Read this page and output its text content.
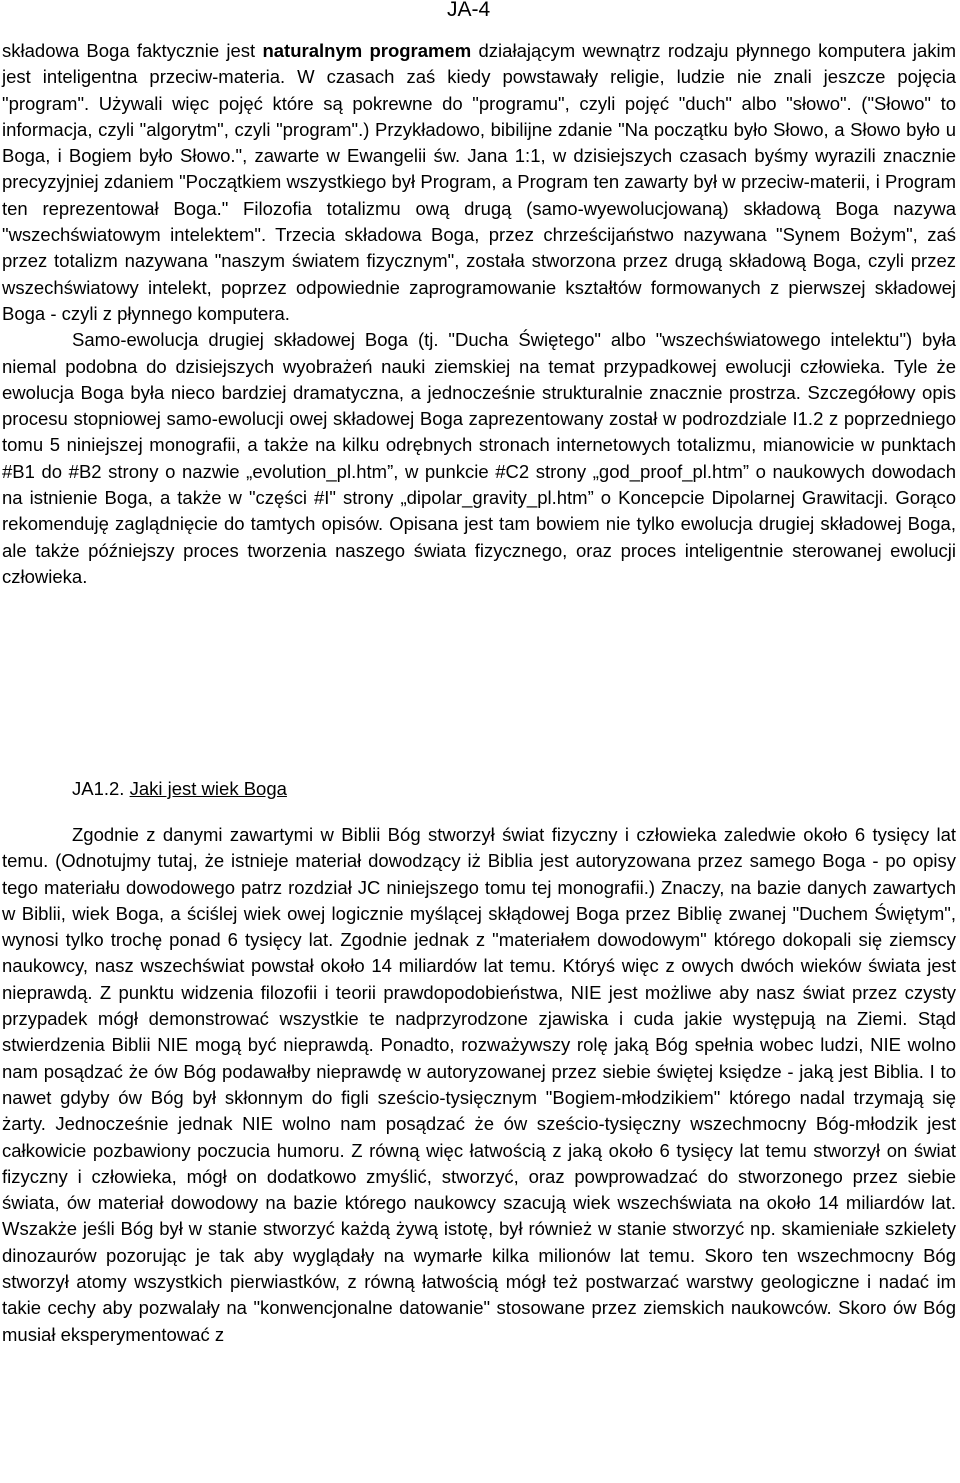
JA-4

składowa Boga faktycznie jest naturalnym programem działającym wewnątrz rodzaju płynnego komputera jakim jest inteligentna przeciw-materia. W czasach zaś kiedy powstawały religie, ludzie nie znali jeszcze pojęcia "program". Używali więc pojęć które są pokrewne do "programu", czyli pojęć "duch" albo "słowo". ("Słowo" to informacja, czyli "algorytm", czyli "program".) Przykładowo, bibilijne zdanie "Na początku było Słowo, a Słowo było u Boga, i Bogiem było Słowo.", zawarte w Ewangelii św. Jana 1:1, w dzisiejszych czasach byśmy wyrazili znacznie precyzyjniej zdaniem "Początkiem wszystkiego był Program, a Program ten zawarty był w przeciw-materii, i Program ten reprezentował Boga." Filozofia totalizmu ową drugą (samo-wyewolucjowaną) składową Boga nazywa "wszechświatowym intelektem". Trzecia składowa Boga, przez chrześcijaństwo nazywana "Synem Bożym", zaś przez totalizm nazywana "naszym światem fizycznym", została stworzona przez drugą składową Boga, czyli przez wszechświatowy intelekt, poprzez odpowiednie zaprogramowanie kształtów formowanych z pierwszej składowej Boga - czyli z płynnego komputera.

Samo-ewolucja drugiej składowej Boga (tj. "Ducha Świętego" albo "wszechświatowego intelektu") była niemal podobna do dzisiejszych wyobrażeń nauki ziemskiej na temat przypadkowej ewolucji człowieka. Tyle że ewolucja Boga była nieco bardziej dramatyczna, a jednocześnie strukturalnie znacznie prostrza. Szczegółowy opis procesu stopniowej samo-ewolucji owej składowej Boga zaprezentowany został w podrozdziale I1.2 z poprzedniego tomu 5 niniejszej monografii, a także na kilku odrębnych stronach internetowych totalizmu, mianowicie w punktach #B1 do #B2 strony o nazwie „evolution_pl.htm”, w punkcie #C2 strony „god_proof_pl.htm” o naukowych dowodach na istnienie Boga, a także w "części #I" strony „dipolar_gravity_pl.htm” o Koncepcie Dipolarnej Grawitacji. Gorąco rekomenduję zaglądnięcie do tamtych opisów. Opisana jest tam bowiem nie tylko ewolucja drugiej składowej Boga, ale także późniejszy proces tworzenia naszego świata fizycznego, oraz proces inteligentnie sterowanej ewolucji człowieka.

JA1.2. Jaki jest wiek Boga

Zgodnie z danymi zawartymi w Biblii Bóg stworzył świat fizyczny i człowieka zaledwie około 6 tysięcy lat temu. (Odnotujmy tutaj, że istnieje materiał dowodzący iż Biblia jest autoryzowana przez samego Boga - po opisy tego materiału dowodowego patrz rozdział JC niniejszego tomu tej monografii.) Znaczy, na bazie danych zawartych w Biblii, wiek Boga, a ściślej wiek owej logicznie myślącej skłądowej Boga przez Biblię zwanej "Duchem Świętym", wynosi tylko trochę ponad 6 tysięcy lat. Zgodnie jednak z "materiałem dowodowym" którego dokopali się ziemscy naukowcy, nasz wszechświat powstał około 14 miliardów lat temu. Któryś więc z owych dwóch wieków świata jest nieprawdą. Z punktu widzenia filozofii i teorii prawdopodobieństwa, NIE jest możliwe aby nasz świat przez czysty przypadek mógł demonstrować wszystkie te nadprzyrodzone zjawiska i cuda jakie występują na Ziemi. Stąd stwierdzenia Biblii NIE mogą być nieprawdą. Ponadto, rozważywszy rolę jaką Bóg spełnia wobec ludzi, NIE wolno nam posądzać że ów Bóg podawałby nieprawdę w autoryzowanej przez siebie świętej księdze - jaką jest Biblia. I to nawet gdyby ów Bóg był skłonnym do figli sześcio-tysięcznym "Bogiem-młodzikiem" którego nadal trzymają się żarty. Jednocześnie jednak NIE wolno nam posądzać że ów sześcio-tysięczny wszechmocny Bóg-młodzik jest całkowicie pozbawiony poczucia humoru. Z równą więc łatwością z jaką około 6 tysięcy lat temu stworzył on świat fizyczny i człowieka, mógł on dodatkowo zmyślić, stworzyć, oraz powprowadzać do stworzonego przez siebie świata, ów materiał dowodowy na bazie którego naukowcy szacują wiek wszechświata na około 14 miliardów lat. Wszakże jeśli Bóg był w stanie stworzyć każdą żywą istotę, był również w stanie stworzyć np. skamieniałe szkielety dinozaurów pozorując je tak aby wyglądały na wymarłe kilka milionów lat temu. Skoro ten wszechmocny Bóg stworzył atomy wszystkich pierwiastków, z równą łatwością mógł też postwarzać warstwy geologiczne i nadać im takie cechy aby pozwalały na "konwencjonalne datowanie" stosowane przez ziemskich naukowców. Skoro ów Bóg musiał eksperymentować z
